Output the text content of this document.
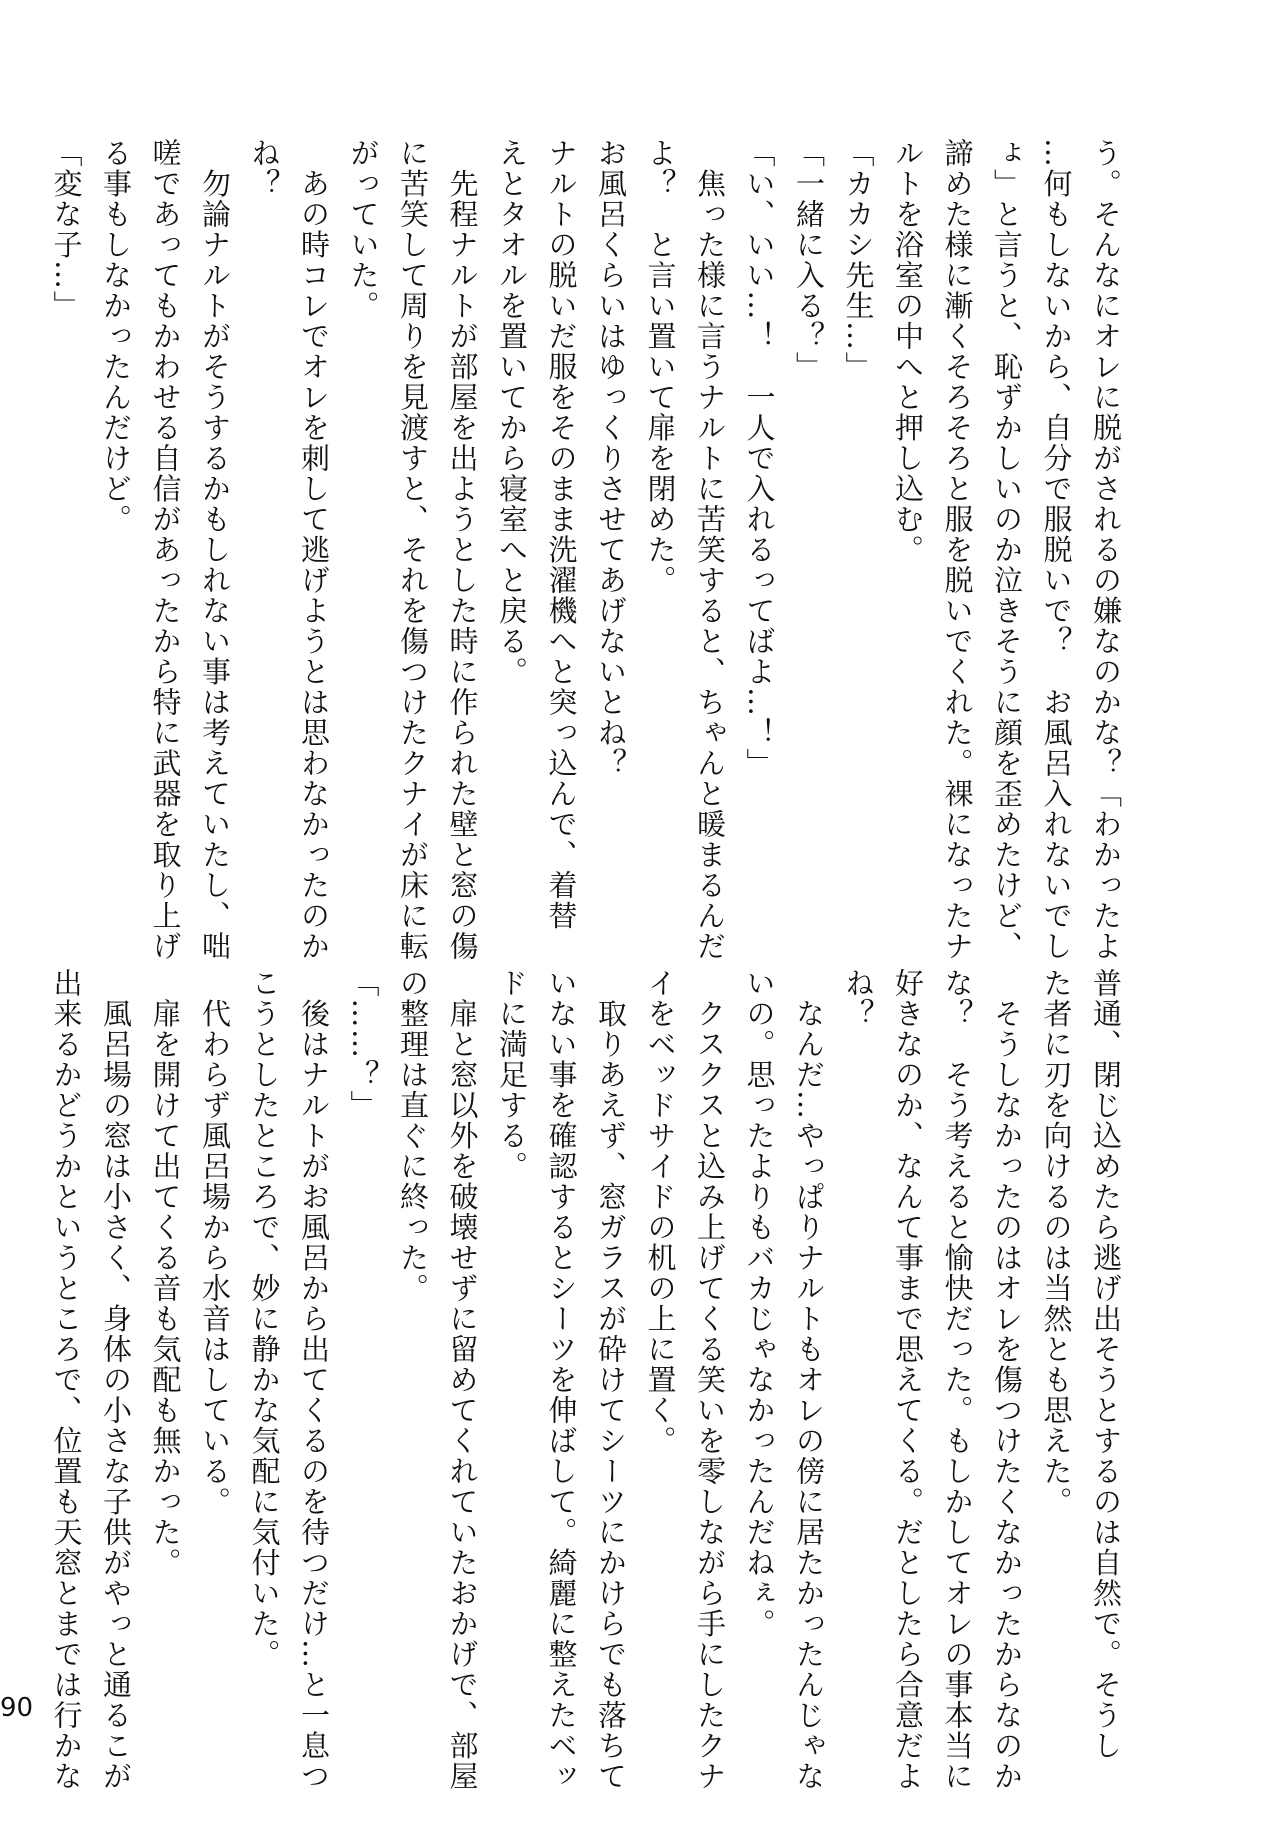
う。そんなにオレに脱がされるの嫌なのかな？「わかったよ
…何もしないから、自分で服脱いで？　お風呂入れないでし
ょ」と言うと、恥ずかしいのか泣きそうに顔を歪めたけど、
諦めた様に漸くそろそろと服を脱いでくれた。裸になったナ
ルトを浴室の中へと押し込む。
「カカシ先生…」
「一緒に入る？」
「い、いい…！　一人で入れるってばよ…！」
　焦った様に言うナルトに苦笑すると、ちゃんと暖まるんだ
よ？　と言い置いて扉を閉めた。
お風呂くらいはゆっくりさせてあげないとね？
ナルトの脱いだ服をそのまま洗濯機へと突っ込んで、着替
えとタオルを置いてから寝室へと戻る。
　先程ナルトが部屋を出ようとした時に作られた壁と窓の傷
に苦笑して周りを見渡すと、それを傷つけたクナイが床に転
がっていた。
　あの時コレでオレを刺して逃げようとは思わなかったのか
ね？
　勿論ナルトがそうするかもしれない事は考えていたし、咄
嗟であってもかわせる自信があったから特に武器を取り上げ
る事もしなかったんだけど。
「変な子…」
普通、閉じ込めたら逃げ出そうとするのは自然で。そうし
た者に刃を向けるのは当然とも思えた。
　そうしなかったのはオレを傷つけたくなかったからなのか
な？　そう考えると愉快だった。もしかしてオレの事本当に
好きなのか、なんて事まで思えてくる。だとしたら合意だよ
ね？
　なんだ…やっぱりナルトもオレの傍に居たかったんじゃな
いの。思ったよりもバカじゃなかったんだねぇ。
　クスクスと込み上げてくる笑いを零しながら手にしたクナ
イをベッドサイドの机の上に置く。
　取りあえず、窓ガラスが砕けてシーツにかけらでも落ちて
いない事を確認するとシーツを伸ばして。綺麗に整えたベッ
ドに満足する。
　扉と窓以外を破壊せずに留めてくれていたおかげで、部屋
の整理は直ぐに終った。
「……？」
　後はナルトがお風呂から出てくるのを待つだけ…と一息つ
こうとしたところで、妙に静かな気配に気付いた。
　代わらず風呂場から水音はしている。
　扉を開けて出てくる音も気配も無かった。
　風呂場の窓は小さく、身体の小さな子供がやっと通るこが
出来るかどうかというところで、位置も天窓とまでは行かな
90
